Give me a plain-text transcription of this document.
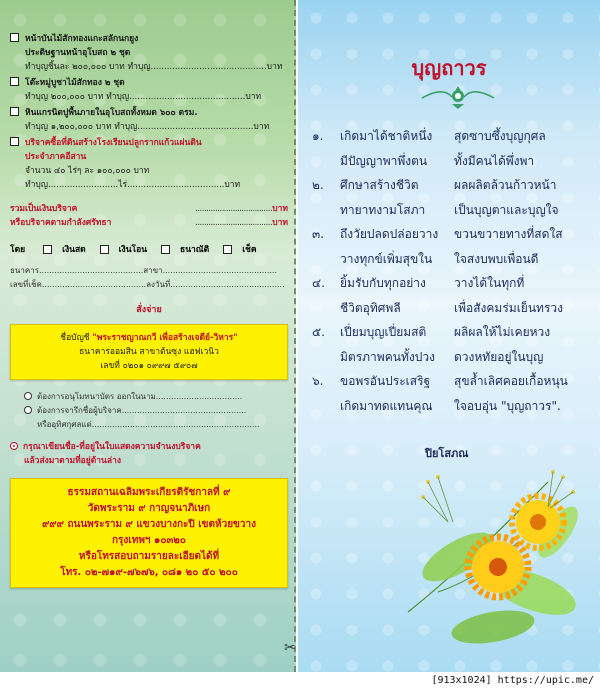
หน้าบันไม้สักทองแกะสลักนกยูง
ประดิษฐานหน้าอุโบสถ ๒ ชุด
ทำบุญชิ้นละ ๒๐๐,๐๐๐ บาท ทำบุญ...........................................บาท
โต๊ะหมู่บูชาไม้สักทอง ๒ ชุด
ทำบุญ ๒๐๐,๐๐๐ บาท ทำบุญ...........................................บาท
หินแกรนิตปูพื้นภายในอุโบสถทั้งหมด ๖๐๐ ตรม.
ทำบุญ ๑,๒๐๐,๐๐๐ บาท ทำบุญ...........................................บาท
บริจาคซื้อที่ดินสร้างโรงเรียนปลูกรากแก้วแผ่นดิน
ประจำภาคอีสาน
จำนวน ๔๐ ไร่ๆ ละ ๑๐๐,๐๐๐ บาท
ทำบุญ..........................ไร่....................................บาท
รวมเป็นเงินบริจาค	...................................บาท
หรือบริจาคตามกำลังศรัทธา	...................................บาท
โดย	เงินสด	เงินโอน	ธนาณัติ	เช็ค
ธนาคาร.........................................สาขา.............................................
เลขที่เช็ค.........................................ลงวันที่.............................................
สั่งจ่าย
ชื่อบัญชี "พระราชญาณกวี เพื่อสร้างเจดีย์-วิหาร"
ธนาคารออมสิน สาขาต้นซุง แฮฟเวนิว
เลขที่ ๐๒๐๑ ๐๙๙๗ ๕๙๐๗
ต้องการอนุโมทนาบัตร ออกในนาม..................................
ต้องการจารึกชื่อผู้บริจาค.................................................
หรืออุทิศกุศลแด่..................................................................
กรุณาเขียนชื่อ-ที่อยู่ในใบแสดงความจำนงบริจาค
แล้วส่งมาตามที่อยู่ด้านล่าง
ธรรมสถานเฉลิมพระเกียรติรัชกาลที่ ๙
วัดพระราม ๙ กาญจนาภิเษก
๙๙๙ ถนนพระราม ๙ แขวงบางกะปิ เขตห้วยขวาง
กรุงเทพฯ ๑๐๓๒๐
หรือโทรสอบถามรายละเอียดได้ที่
โทร. ๐๒-๗๑๙-๗๖๗๖, ๐๘๑ ๒๐ ๕๐ ๒๐๐
✂
บุญถาวร
๑.	เกิดมาได้ชาติหนึ่ง	สุดซาบซึ้งบุญกุศล
มีปัญญาพาพึ่งตน	ทั้งมีคนได้พึ่งพา
๒.	ศึกษาสร้างชีวิต	ผลผลิตล้วนก้าวหน้า
ทายาทงามโสภา	เป็นบุญตาและบุญใจ
๓.	ถึงวัยปลดปล่อยวาง	ขวนขวายทางที่สดใส
วางทุกข์เพิ่มสุขใน	ใจสงบพบเพื่อนดี
๔.	ยิ้มรับกับทุกอย่าง	วางได้ในทุกที่
ชีวิตอุทิศพลี	เพื่อสังคมร่มเย็นทรวง
๕.	เปี่ยมบุญเปี่ยมสติ	ผลิผลให้ไม่เคยหวง
มิตรภาพคนทั้งปวง	ดวงหทัยอยู่ในบุญ
๖.	ขอพรอันประเสริฐ	สุขล้ำเลิศคอยเกื้อหนุน
เกิดมาทดแทนคุณ	ใจอบอุ่น "บุญถาวร".
ปิยโสภณ
[913x1024] https://upic.me/
